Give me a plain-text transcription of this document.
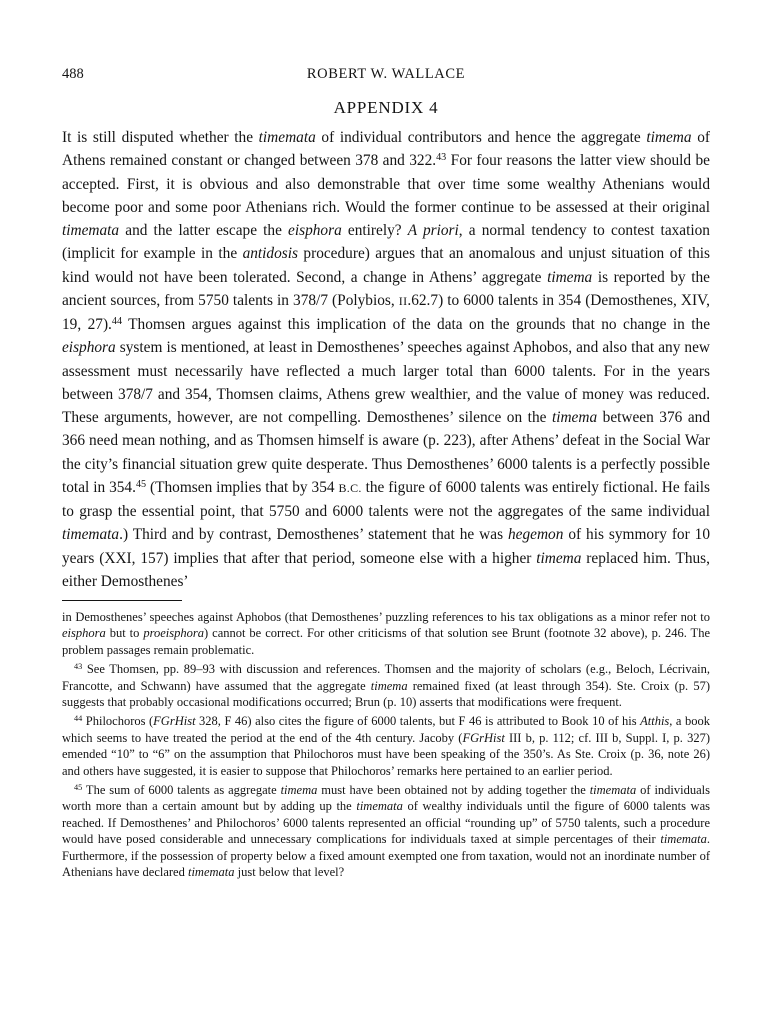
488	ROBERT W. WALLACE
APPENDIX 4

It is still disputed whether the timemata of individual contributors and hence the aggregate timema of Athens remained constant or changed between 378 and 322.43 For four reasons the latter view should be accepted. First, it is obvious and also demonstrable that over time some wealthy Athenians would become poor and some poor Athenians rich. Would the former continue to be assessed at their original timemata and the latter escape the eisphora entirely? A priori, a normal tendency to contest taxation (implicit for example in the antidosis procedure) argues that an anomalous and unjust situation of this kind would not have been tolerated. Second, a change in Athens’ aggregate timema is reported by the ancient sources, from 5750 talents in 378/7 (Polybios, II.62.7) to 6000 talents in 354 (Demosthenes, XIV, 19, 27).$^{44}$ Thomsen argues against this implication of the data on the grounds that no change in the eisphora system is mentioned, at least in Demosthenes’ speeches against Aphobos, and also that any new assessment must necessarily have reflected a much larger total than 6000 talents. For in the years between 378/7 and 354, Thomsen claims, Athens grew wealthier, and the value of money was reduced. These arguments, however, are not compelling. Demosthenes’ silence on the timema between 376 and 366 need mean nothing, and as Thomsen himself is aware (p. 223), after Athens’ defeat in the Social War the city’s financial situation grew quite desperate. Thus Demosthenes’ 6000 talents is a perfectly possible total in 354.45 (Thomsen implies that by 354 B.C. the figure of 6000 talents was entirely fictional. He fails to grasp the essential point, that 5750 and 6000 talents were not the aggregates of the same individual timemata.) Third and by contrast, Demosthenes’ statement that he was hegemon of his symmory for 10 years (XXI, 157) implies that after that period, someone else with a higher timema replaced him. Thus, either Demosthenes’

in Demosthenes’ speeches against Aphobos (that Demosthenes’ puzzling references to his tax obligations as a minor refer not to eisphora but to proeisphora) cannot be correct. For other criticisms of that solution see Brunt (footnote 32 above), p. 246. The problem passages remain problematic.

$^{43}$ See Thomsen, pp. 89–93 with discussion and references. Thomsen and the majority of scholars (e.g., Beloch, Lécrivain, Francotte, and Schwann) have assumed that the aggregate timema remained fixed (at least through 354). Ste. Croix (p. 57) suggests that probably occasional modifications occurred; Brun (p. 10) asserts that modifications were frequent.

$^{44}$ Philochoros (FGrHist 328, F 46) also cites the figure of 6000 talents, but F 46 is attributed to Book 10 of his Atthis, a book which seems to have treated the period at the end of the 4th century. Jacoby (FGrHist III b, p. 112; cf. III b, Suppl. I, p. 327) emended “10” to “6” on the assumption that Philochoros must have been speaking of the 350’s. As Ste. Croix (p. 36, note 26) and others have suggested, it is easier to suppose that Philochoros’ remarks here pertained to an earlier period.

$^{45}$ The sum of 6000 talents as aggregate timema must have been obtained not by adding together the timemata of individuals worth more than a certain amount but by adding up the timemata of wealthy individuals until the figure of 6000 talents was reached. If Demosthenes’ and Philochoros’ 6000 talents represented an official “rounding up” of 5750 talents, such a procedure would have posed considerable and unnecessary complications for individuals taxed at simple percentages of their timemata. Furthermore, if the possession of property below a fixed amount exempted one from taxation, would not an inordinate number of Athenians have declared timemata just below that level?
